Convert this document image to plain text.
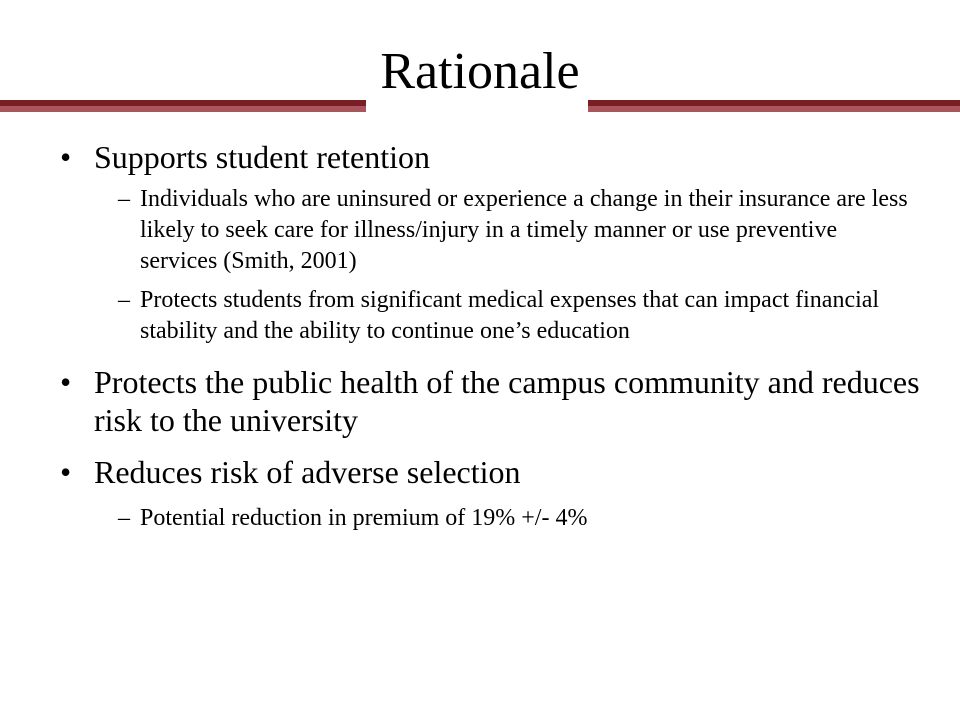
Rationale
• Supports student retention
– Individuals who are uninsured or experience a change in their insurance are less likely to seek care for illness/injury in a timely manner or use preventive services (Smith, 2001)
– Protects students from significant medical expenses that can impact financial stability and the ability to continue one’s education
• Protects the public health of the campus community and reduces risk to the university
• Reduces risk of adverse selection
– Potential reduction in premium of 19% +/- 4%
